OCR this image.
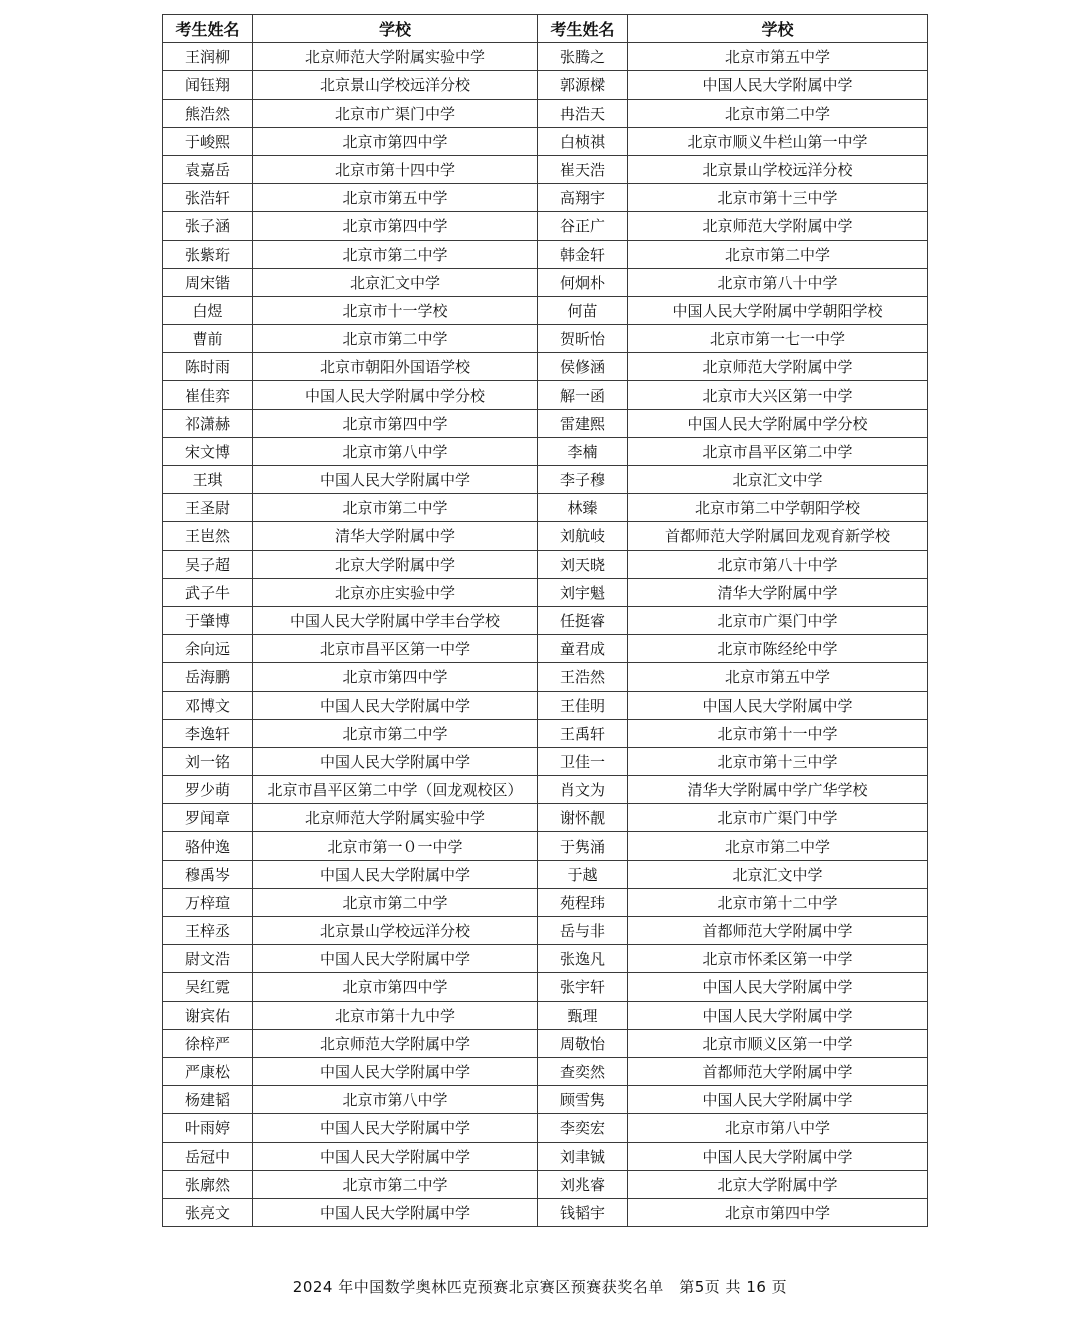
考生姓名	学校	考生姓名	学校
王润柳	北京师范大学附属实验中学	张腾之	北京市第五中学
闻钰翔	北京景山学校远洋分校	郭源樑	中国人民大学附属中学
熊浩然	北京市广渠门中学	冉浩天	北京市第二中学
于峻熙	北京市第四中学	白桢祺	北京市顺义牛栏山第一中学
袁嘉岳	北京市第十四中学	崔天浩	北京景山学校远洋分校
张浩轩	北京市第五中学	高翔宇	北京市第十三中学
张子涵	北京市第四中学	谷正广	北京师范大学附属中学
张紫珩	北京市第二中学	韩金轩	北京市第二中学
周宋锴	北京汇文中学	何炯朴	北京市第八十中学
白煜	北京市十一学校	何苗	中国人民大学附属中学朝阳学校
曹前	北京市第二中学	贺昕怡	北京市第一七一中学
陈时雨	北京市朝阳外国语学校	侯修涵	北京师范大学附属中学
崔佳弈	中国人民大学附属中学分校	解一函	北京市大兴区第一中学
祁潇赫	北京市第四中学	雷建熙	中国人民大学附属中学分校
宋文博	北京市第八中学	李楠	北京市昌平区第二中学
王琪	中国人民大学附属中学	李子穆	北京汇文中学
王圣尉	北京市第二中学	林臻	北京市第二中学朝阳学校
王岜然	清华大学附属中学	刘航岐	首都师范大学附属回龙观育新学校
吴子超	北京大学附属中学	刘天晓	北京市第八十中学
武子牛	北京亦庄实验中学	刘宇魁	清华大学附属中学
于肇博	中国人民大学附属中学丰台学校	任挺睿	北京市广渠门中学
余向远	北京市昌平区第一中学	童君成	北京市陈经纶中学
岳海鹏	北京市第四中学	王浩然	北京市第五中学
邓博文	中国人民大学附属中学	王佳明	中国人民大学附属中学
李逸轩	北京市第二中学	王禹轩	北京市第十一中学
刘一铭	中国人民大学附属中学	卫佳一	北京市第十三中学
罗少萌	北京市昌平区第二中学（回龙观校区）	肖文为	清华大学附属中学广华学校
罗闻章	北京师范大学附属实验中学	谢怀靓	北京市广渠门中学
骆仲逸	北京市第一０一中学	于隽涌	北京市第二中学
穆禹岑	中国人民大学附属中学	于越	北京汇文中学
万梓瑄	北京市第二中学	苑程玮	北京市第十二中学
王梓丞	北京景山学校远洋分校	岳与非	首都师范大学附属中学
尉文浩	中国人民大学附属中学	张逸凡	北京市怀柔区第一中学
吴红霓	北京市第四中学	张宇轩	中国人民大学附属中学
谢宾佑	北京市第十九中学	甄理	中国人民大学附属中学
徐梓严	北京师范大学附属中学	周敬怡	北京市顺义区第一中学
严康松	中国人民大学附属中学	查奕然	首都师范大学附属中学
杨建韬	北京市第八中学	顾雪隽	中国人民大学附属中学
叶雨婷	中国人民大学附属中学	李奕宏	北京市第八中学
岳冠中	中国人民大学附属中学	刘聿铖	中国人民大学附属中学
张廓然	北京市第二中学	刘兆睿	北京大学附属中学
张亮文	中国人民大学附属中学	钱韬宇	北京市第四中学
2024 年中国数学奥林匹克预赛北京赛区预赛获奖名单　第5页 共 16 页
